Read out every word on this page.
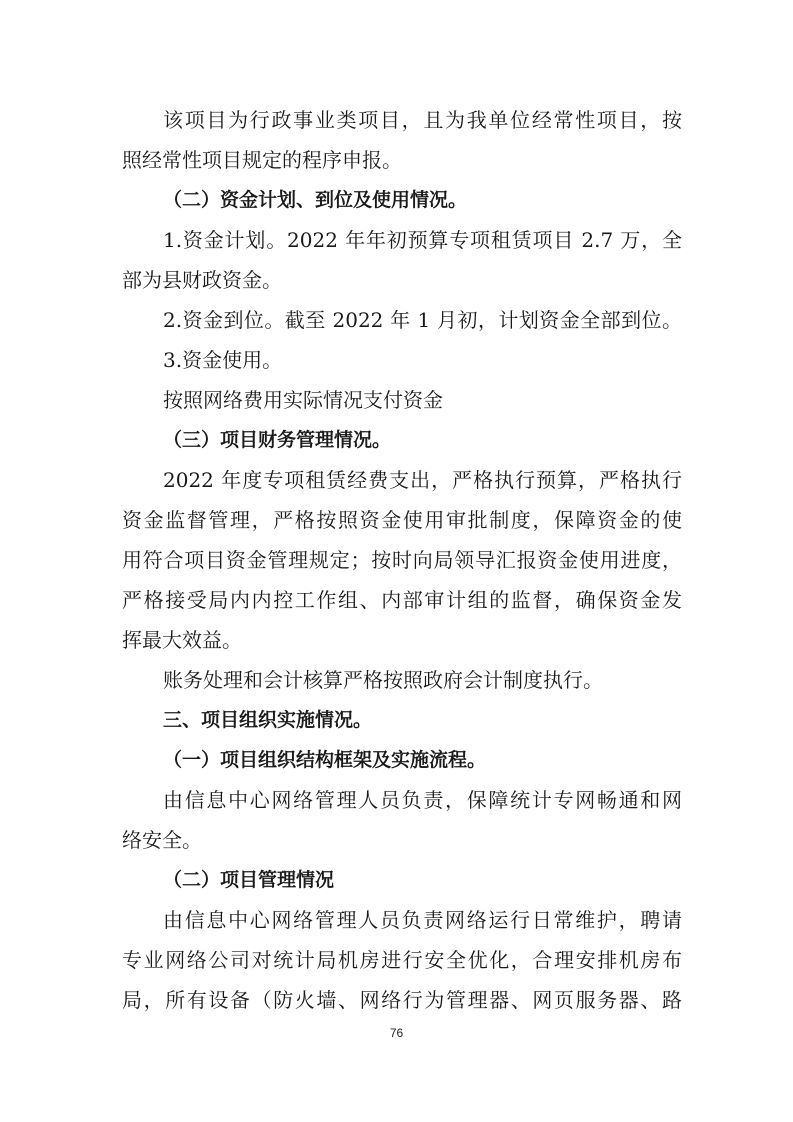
该项目为行政事业类项目，且为我单位经常性项目，按
照经常性项目规定的程序申报。
（二）资金计划、到位及使用情况。
1.资金计划。2022 年年初预算专项租赁项目 2.7 万，全
部为县财政资金。
2.资金到位。截至 2022 年 1 月初，计划资金全部到位。
3.资金使用。
按照网络费用实际情况支付资金
（三）项目财务管理情况。
2022 年度专项租赁经费支出，严格执行预算，严格执行
资金监督管理，严格按照资金使用审批制度，保障资金的使
用符合项目资金管理规定；按时向局领导汇报资金使用进度，
严格接受局内内控工作组、内部审计组的监督，确保资金发
挥最大效益。
账务处理和会计核算严格按照政府会计制度执行。
三、项目组织实施情况。
（一）项目组织结构框架及实施流程。
由信息中心网络管理人员负责，保障统计专网畅通和网
络安全。
（二）项目管理情况
由信息中心网络管理人员负责网络运行日常维护，聘请
专业网络公司对统计局机房进行安全优化，合理安排机房布
局，所有设备（防火墙、网络行为管理器、网页服务器、路
76
